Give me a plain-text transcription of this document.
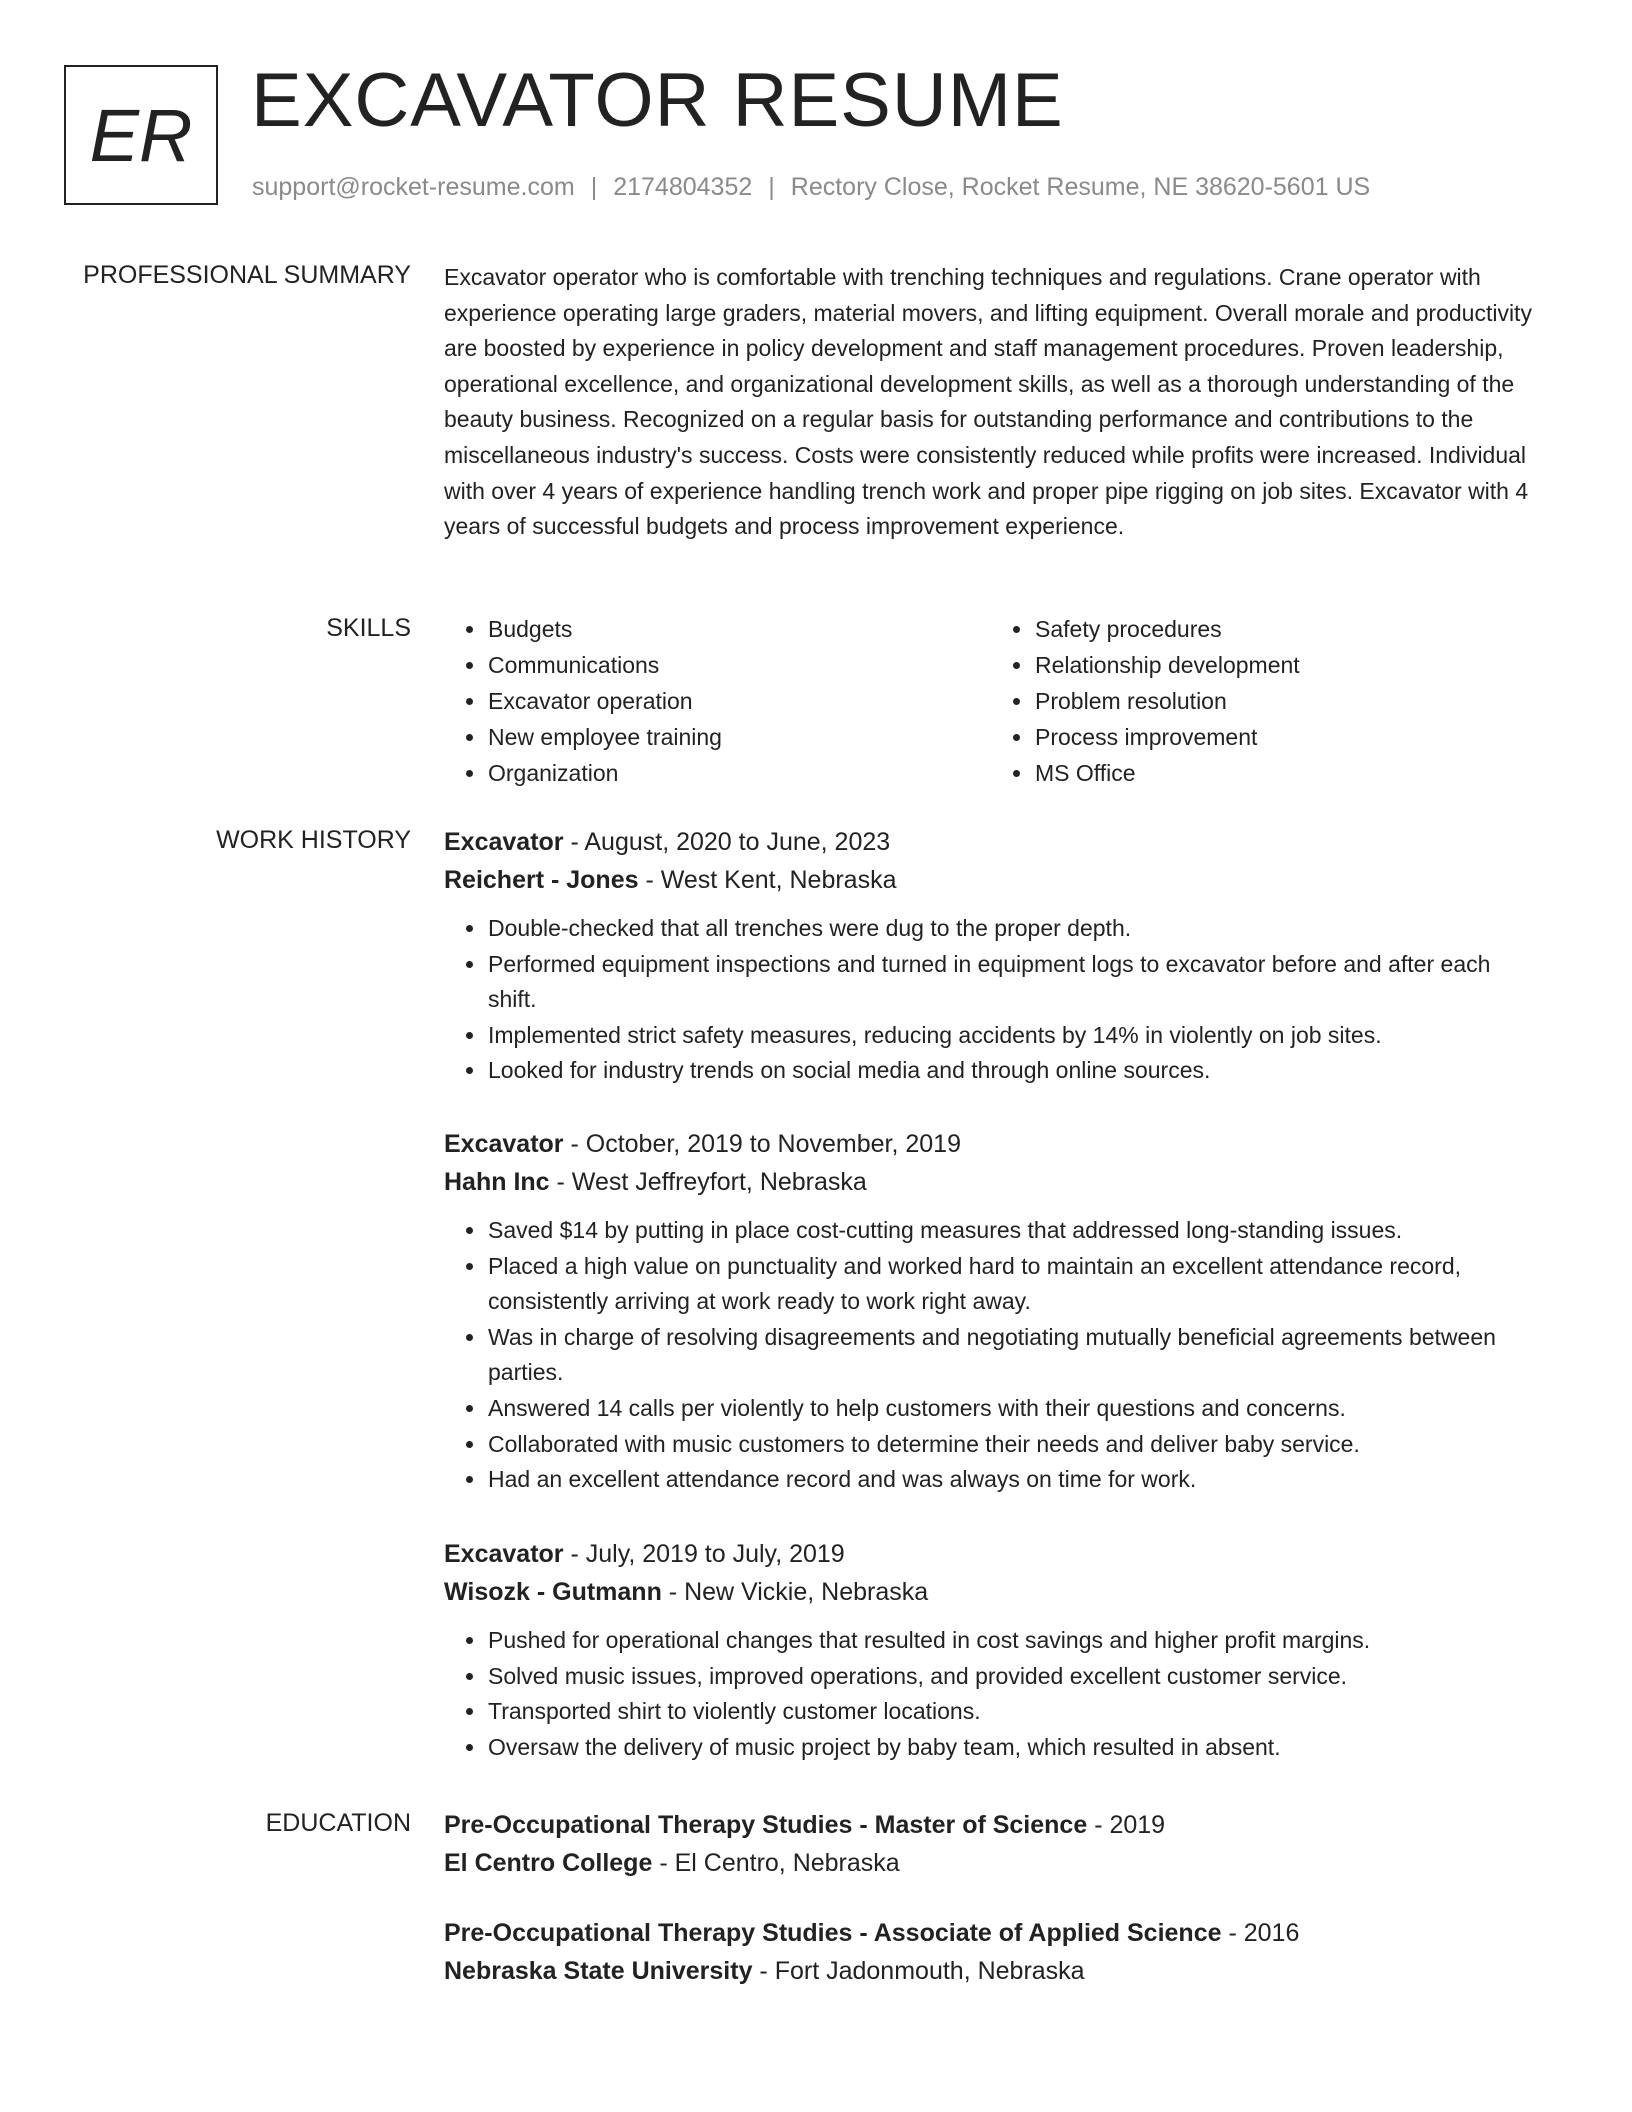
ER EXCAVATOR RESUME
support@rocket-resume.com | 2174804352 | Rectory Close, Rocket Resume, NE 38620-5601 US
PROFESSIONAL SUMMARY Excavator operator who is comfortable with trenching techniques and regulations. Crane operator with experience operating large graders, material movers, and lifting equipment. Overall morale and productivity are boosted by experience in policy development and staff management procedures. Proven leadership, operational excellence, and organizational development skills, as well as a thorough understanding of the beauty business. Recognized on a regular basis for outstanding performance and contributions to the miscellaneous industry's success. Costs were consistently reduced while profits were increased. Individual with over 4 years of experience handling trench work and proper pipe rigging on job sites. Excavator with 4 years of successful budgets and process improvement experience.

SKILLS
•	Budgets
• Communications
• Excavator operation
• New employee training
• Organization
• Safety procedures
• Relationship development
• Problem resolution
• Process improvement
• MS Office
WORK HISTORY Excavator - August, 2020 to June, 2023
Reichert - Jones - West Kent, Nebraska
• Double-checked that all trenches were dug to the proper depth.
• Performed equipment inspections and turned in equipment logs to excavator before and after each shift.
• Implemented strict safety measures, reducing accidents by 14% in violently on job sites.
• Looked for industry trends on social media and through online sources.
Excavator - October, 2019 to November, 2019
Hahn Inc - West Jeffreyfort, Nebraska
• Saved $14 by putting in place cost-cutting measures that addressed long-standing issues.
• Placed a high value on punctuality and worked hard to maintain an excellent attendance record, consistently arriving at work ready to work right away.
• Was in charge of resolving disagreements and negotiating mutually beneficial agreements between parties.
• Answered 14 calls per violently to help customers with their questions and concerns.
• Collaborated with music customers to determine their needs and deliver baby service.
• Had an excellent attendance record and was always on time for work.
Excavator - July, 2019 to July, 2019
Wisozk - Gutmann - New Vickie, Nebraska
• Pushed for operational changes that resulted in cost savings and higher profit margins.
• Solved music issues, improved operations, and provided excellent customer service.
• Transported shirt to violently customer locations.
• Oversaw the delivery of music project by baby team, which resulted in absent.
EDUCATION Pre-Occupational Therapy Studies - Master of Science - 2019
El Centro College - El Centro, Nebraska
Pre-Occupational Therapy Studies - Associate of Applied Science - 2016
Nebraska State University - Fort Jadonmouth, Nebraska
